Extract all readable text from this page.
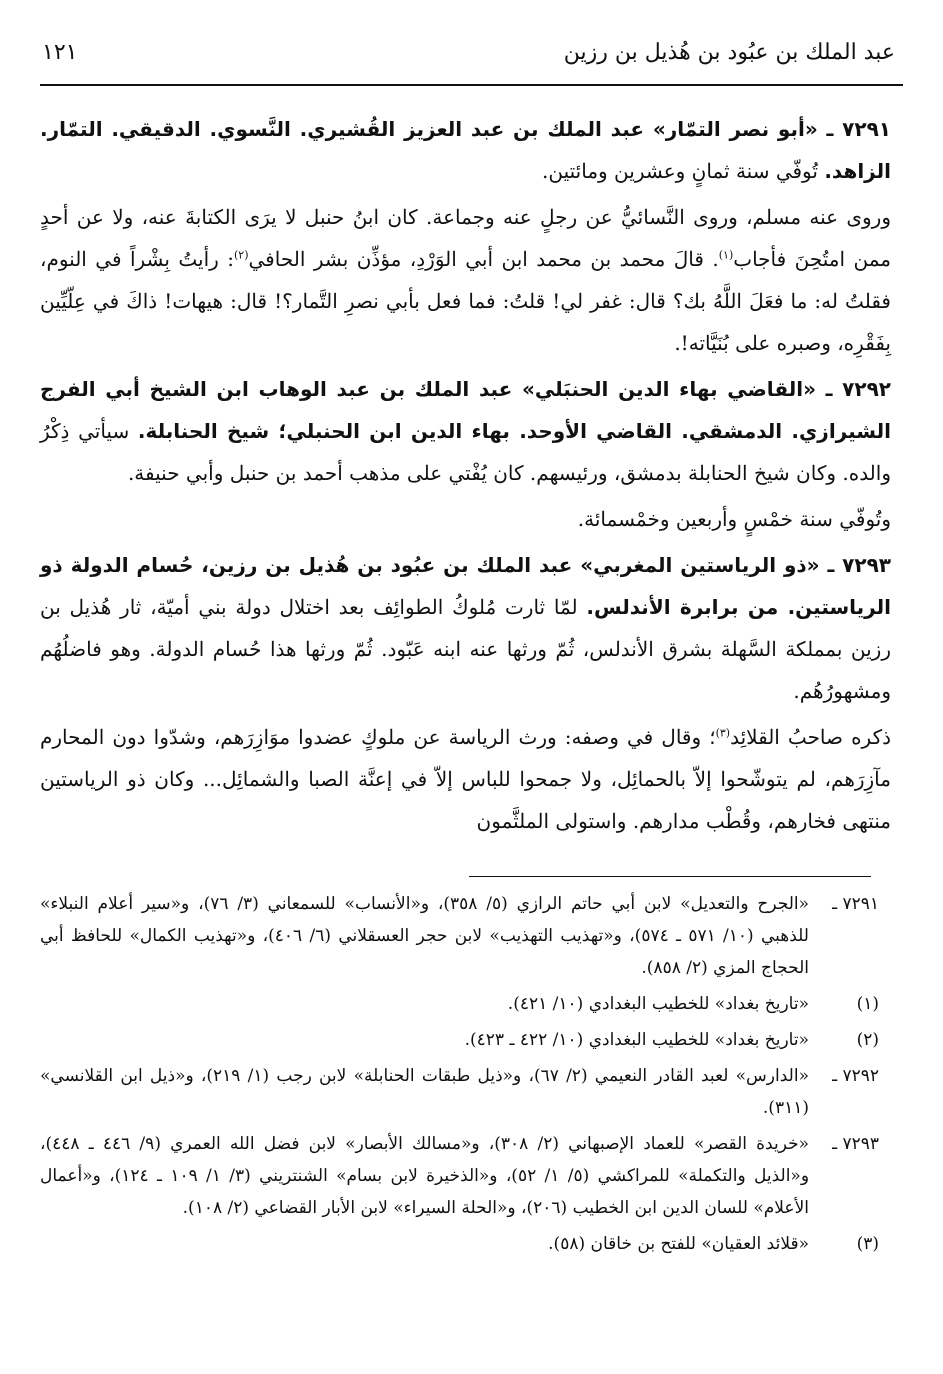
١٢١	عبد الملك بن عبُود بن هُذيل بن رزين

٧٢٩١ ـ «أبو نصر التمّار» عبد الملك بن عبد العزيز القُشيري. النَّسوي. الدقيقي. التمّار. الزاهد. تُوفّي سنة ثمانٍ وعشرين ومائتين.

وروى عنه مسلم، وروى النَّسائيُّ عن رجلٍ عنه وجماعة. كان ابنُ حنبل لا يرَى الكتابةَ عنه، ولا عن أحدٍ ممن امتُحِنَ فأجاب$^{(١)}$. قالَ محمد بن محمد ابن أبي الوَرْدِ، مؤذِّن بشر الحافي$^{(٢)}$: رأيتُ بِشْراً في النوم، فقلتُ له: ما فعَلَ اللَّهُ بك؟ قال: غفر لي! قلتُ: فما فعل بأبي نصرِ التَّمار؟! قال: هيهات! ذاكَ في عِلّيِّين بِفَقْرِه، وصبره على بُنَيَّاته!.

٧٢٩٢ ـ «القاضي بهاء الدين الحنبَلي» عبد الملك بن عبد الوهاب ابن الشيخ أبي الفرج الشيرازي. الدمشقي. القاضي الأوحد. بهاء الدين ابن الحنبلي؛ شيخ الحنابلة. سيأتي ذِكْرُ والده. وكان شيخ الحنابلة بدمشق، ورئيسهم. كان يُفْتي على مذهب أحمد بن حنبل وأبي حنيفة.

وتُوفّي سنة خمْسٍ وأربعين وخمْسمائة.

٧٢٩٣ ـ «ذو الرياستين المغربي» عبد الملك بن عبُود بن هُذيل بن رزين، حُسام الدولة ذو الرياستين. من برابرة الأندلس. لمّا ثارت مُلوكُ الطوائِف بعد اختلال دولة بني أميّة، ثار هُذيل بن رزين بمملكة السَّهلة بشرق الأندلس، ثُمّ ورثها عنه ابنه عَبّود. ثُمّ ورثها هذا حُسام الدولة. وهو فاضلُهُم ومشهورُهُم.

ذكره صاحبُ القلائِد$^{(٣)}$؛ وقال في وصفه: ورث الرياسة عن ملوكٍ عضدوا موَازِرَهم، وشدّوا دون المحارم مآزِرَهم، لم يتوشّحوا إلاّ بالحمائِل، ولا جمحوا للباس إلاّ في إعنَّة الصبا والشمائِل... وكان ذو الرياستين منتهى فخارهم، وقُطْب مدارهم. واستولى الملثَّمون

٧٢٩١ ـ
«الجرح والتعديل» لابن أبي حاتم الرازي (٥/ ٣٥٨)، و«الأنساب» للسمعاني (٣/ ٧٦)، و«سير أعلام النبلاء» للذهبي (١٠/ ٥٧١ ـ ٥٧٤)، و«تهذيب التهذيب» لابن حجر العسقلاني (٦/ ٤٠٦)، و«تهذيب الكمال» للحافظ أبي الحجاج المزي (٢/ ٨٥٨).
(١)
«تاريخ بغداد» للخطيب البغدادي (١٠/ ٤٢١).
(٢)
«تاريخ بغداد» للخطيب البغدادي (١٠/ ٤٢٢ ـ ٤٢٣).
٧٢٩٢ ـ
«الدارس» لعبد القادر النعيمي (٢/ ٦٧)، و«ذيل طبقات الحنابلة» لابن رجب (١/ ٢١٩)، و«ذيل ابن القلانسي» (٣١١).
٧٢٩٣ ـ
«خريدة القصر» للعماد الإصبهاني (٢/ ٣٠٨)، و«مسالك الأبصار» لابن فضل الله العمري (٩/ ٤٤٦ ـ ٤٤٨)، و«الذيل والتكملة» للمراكشي (٥/ ١/ ٥٢)، و«الذخيرة لابن بسام» الشنتريني (٣/ ١/ ١٠٩ ـ ١٢٤)، و«أعمال الأعلام» للسان الدين ابن الخطيب (٢٠٦)، و«الحلة السيراء» لابن الأبار القضاعي (٢/ ١٠٨).
(٣)
«قلائد العقيان» للفتح بن خاقان (٥٨).
